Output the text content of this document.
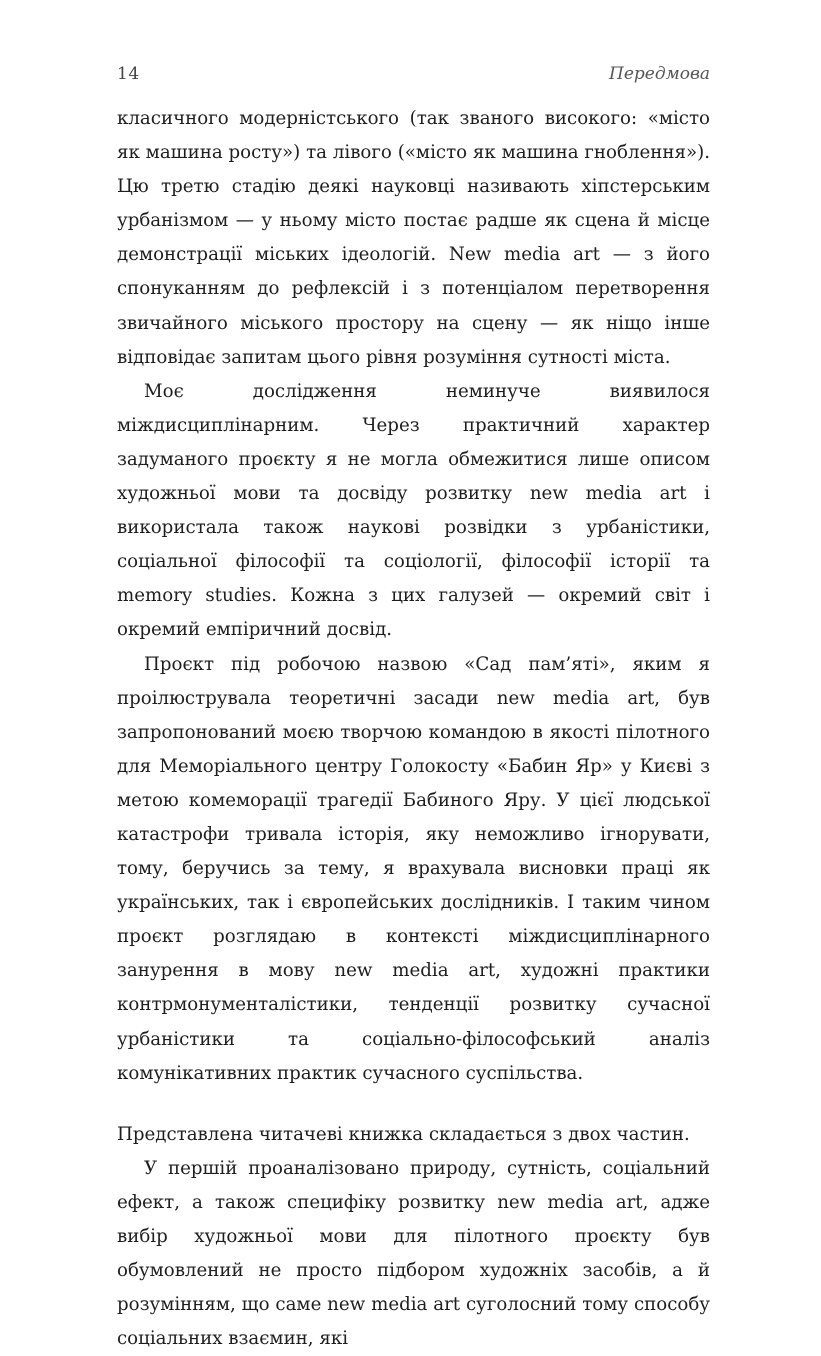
14	Передмова

класичного модерністського (так званого високого: «місто як машина росту») та лівого («місто як машина гноблення»). Цю третю стадію деякі науковці називають хіпстерським урбанізмом — у ньому місто постає радше як сцена й місце демонстрації міських ідеологій. New media art — з його спонуканням до рефлексій і з потенціалом перетворення звичайного міського простору на сцену — як ніщо інше відповідає запитам цього рівня розуміння сутності міста.

Моє дослідження неминуче виявилося міждисциплінарним. Через практичний характер задуманого проєкту я не могла обмежитися лише описом художньої мови та досвіду розвитку new media art і використала також наукові розвідки з урбаністики, соціальної філософії та соціології, філософії історії та memory studies. Кожна з цих галузей — окремий світ і окремий емпіричний досвід.

Проєкт під робочою назвою «Сад пам’яті», яким я проілюструвала теоретичні засади new media art, був запропонований моєю творчою командою в якості пілотного для Меморіального центру Голокосту «Бабин Яр» у Києві з метою комеморації трагедії Бабиного Яру. У цієї людської катастрофи тривала історія, яку неможливо ігнорувати, тому, беручись за тему, я врахувала висновки праці як українських, так і європейських дослідників. І таким чином проєкт розглядаю в контексті міждисциплінарного занурення в мову new media art, художні практики контрмонументалістики, тенденції розвитку сучасної урбаністики та соціально-філософський аналіз комунікативних практик сучасного суспільства.

Представлена читачеві книжка складається з двох частин.

У першій проаналізовано природу, сутність, соціальний ефект, а також специфіку розвитку new media art, адже вибір художньої мови для пілотного проєкту був обумовлений не просто підбором художніх засобів, а й розумінням, що саме new media art суголосний тому способу соціальних взаємин, які
